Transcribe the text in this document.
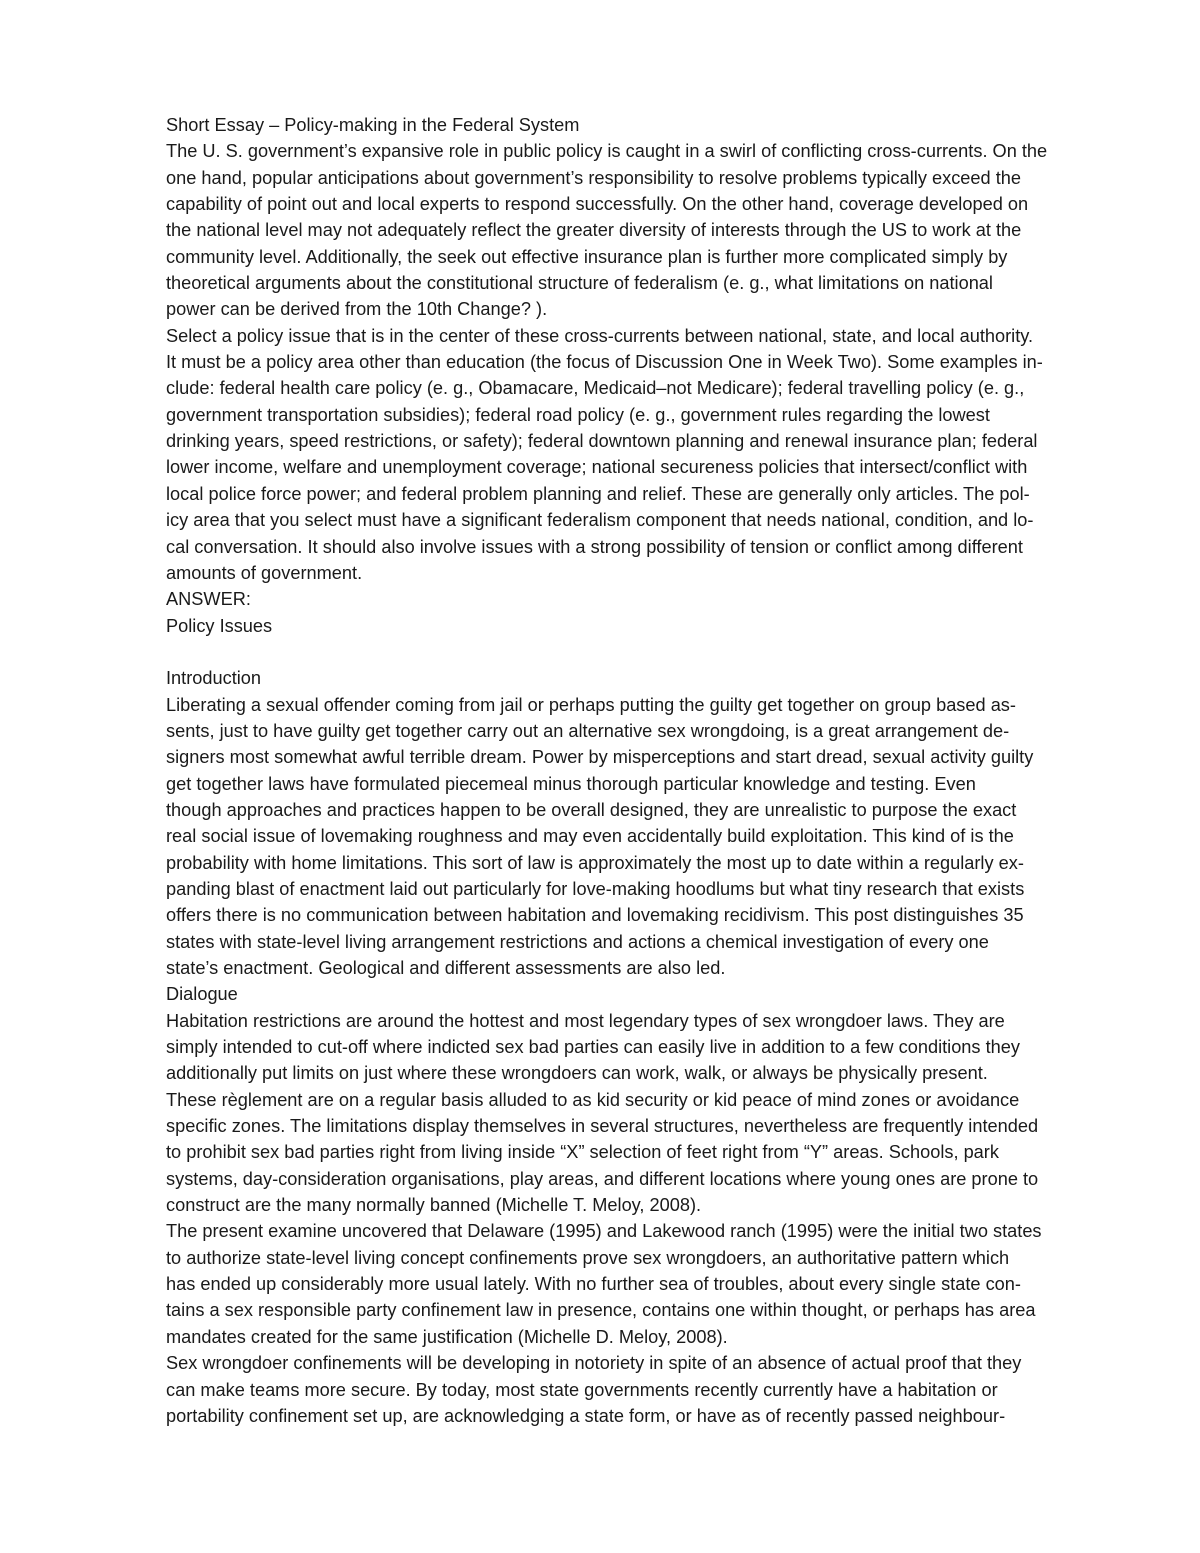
Short Essay – Policy-making in the Federal System

The U. S. government’s expansive role in public policy is caught in a swirl of conflicting cross-currents. On the

one hand, popular anticipations about government’s responsibility to resolve problems typically exceed the

capability of point out and local experts to respond successfully. On the other hand, coverage developed on

the national level may not adequately reflect the greater diversity of interests through the US to work at the

community level. Additionally, the seek out effective insurance plan is further more complicated simply by

theoretical arguments about the constitutional structure of federalism (e. g., what limitations on national

power can be derived from the 10th Change? ).

Select a policy issue that is in the center of these cross-currents between national, state, and local authority.

It must be a policy area other than education (the focus of Discussion One in Week Two). Some examples in-

clude: federal health care policy (e. g., Obamacare, Medicaid–not Medicare); federal travelling policy (e. g.,

government transportation subsidies); federal road policy (e. g., government rules regarding the lowest

drinking years, speed restrictions, or safety); federal downtown planning and renewal insurance plan; federal

lower income, welfare and unemployment coverage; national secureness policies that intersect/conflict with

local police force power; and federal problem planning and relief. These are generally only articles. The pol-

icy area that you select must have a significant federalism component that needs national, condition, and lo-

cal conversation. It should also involve issues with a strong possibility of tension or conflict among different

amounts of government.

ANSWER:

Policy Issues

Introduction

Liberating a sexual offender coming from jail or perhaps putting the guilty get together on group based as-

sents, just to have guilty get together carry out an alternative sex wrongdoing, is a great arrangement de-

signers most somewhat awful terrible dream. Power by misperceptions and start dread, sexual activity guilty

get together laws have formulated piecemeal minus thorough particular knowledge and testing. Even

though approaches and practices happen to be overall designed, they are unrealistic to purpose the exact

real social issue of lovemaking roughness and may even accidentally build exploitation. This kind of is the

probability with home limitations. This sort of law is approximately the most up to date within a regularly ex-

panding blast of enactment laid out particularly for love-making hoodlums but what tiny research that exists

offers there is no communication between habitation and lovemaking recidivism. This post distinguishes 35

states with state-level living arrangement restrictions and actions a chemical investigation of every one

state’s enactment. Geological and different assessments are also led.

Dialogue

Habitation restrictions are around the hottest and most legendary types of sex wrongdoer laws. They are

simply intended to cut-off where indicted sex bad parties can easily live in addition to a few conditions they

additionally put limits on just where these wrongdoers can work, walk, or always be physically present.

These règlement are on a regular basis alluded to as kid security or kid peace of mind zones or avoidance

specific zones. The limitations display themselves in several structures, nevertheless are frequently intended

to prohibit sex bad parties right from living inside “X” selection of feet right from “Y” areas. Schools, park

systems, day-consideration organisations, play areas, and different locations where young ones are prone to

construct are the many normally banned (Michelle T. Meloy, 2008).

The present examine uncovered that Delaware (1995) and Lakewood ranch (1995) were the initial two states

to authorize state-level living concept confinements prove sex wrongdoers, an authoritative pattern which

has ended up considerably more usual lately. With no further sea of troubles, about every single state con-

tains a sex responsible party confinement law in presence, contains one within thought, or perhaps has area

mandates created for the same justification (Michelle D. Meloy, 2008).

Sex wrongdoer confinements will be developing in notoriety in spite of an absence of actual proof that they

can make teams more secure. By today, most state governments recently currently have a habitation or

portability confinement set up, are acknowledging a state form, or have as of recently passed neighbour-
